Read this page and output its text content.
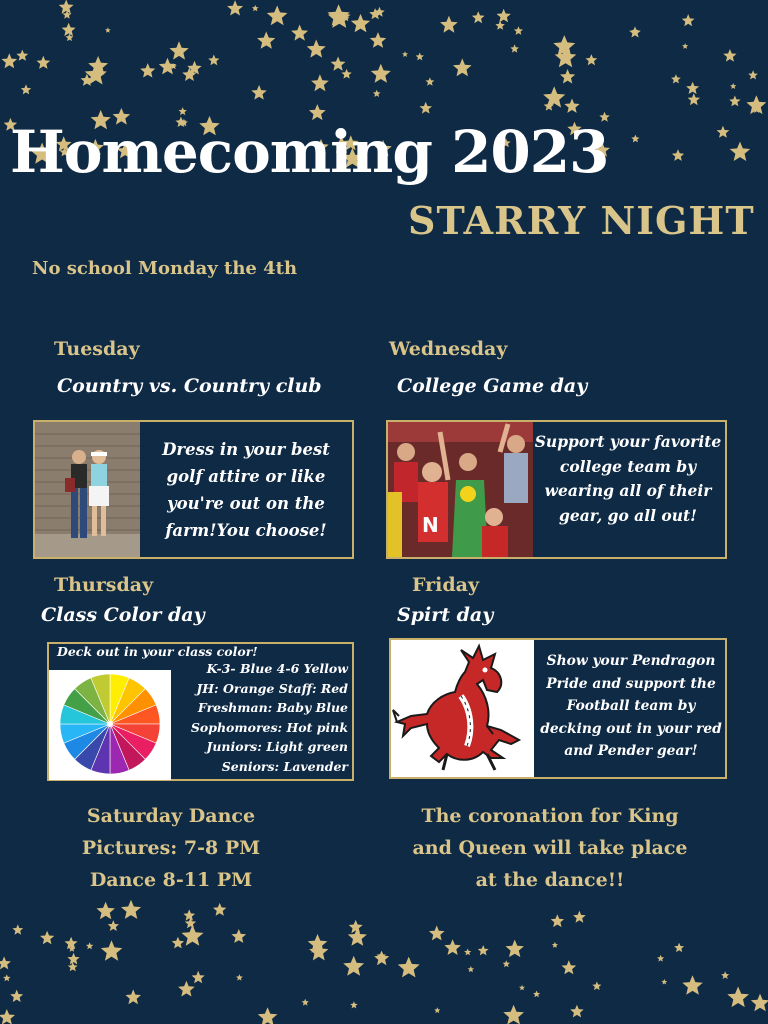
Homecoming 2023
STARRY NIGHT
No school Monday the 4th
Tuesday
Country vs. Country club
Dress in your best golf attire or like you're out on the farm!You choose!
Wednesday
College Game day
N
Support your favorite college team by wearing all of their gear, go all out!
Thursday
Class Color day
Deck out in your class color!
K-3- Blue 4-6 Yellow
JH: Orange Staff: Red
Freshman: Baby Blue
Sophomores: Hot pink
Juniors: Light green
Seniors: Lavender
Friday
Spirt day
Show your Pendragon Pride and support the Football team by decking out in your red and Pender gear!
Saturday Dance
Pictures: 7-8 PM
Dance 8-11 PM
The coronation for King
and Queen will take place
at the dance!!
